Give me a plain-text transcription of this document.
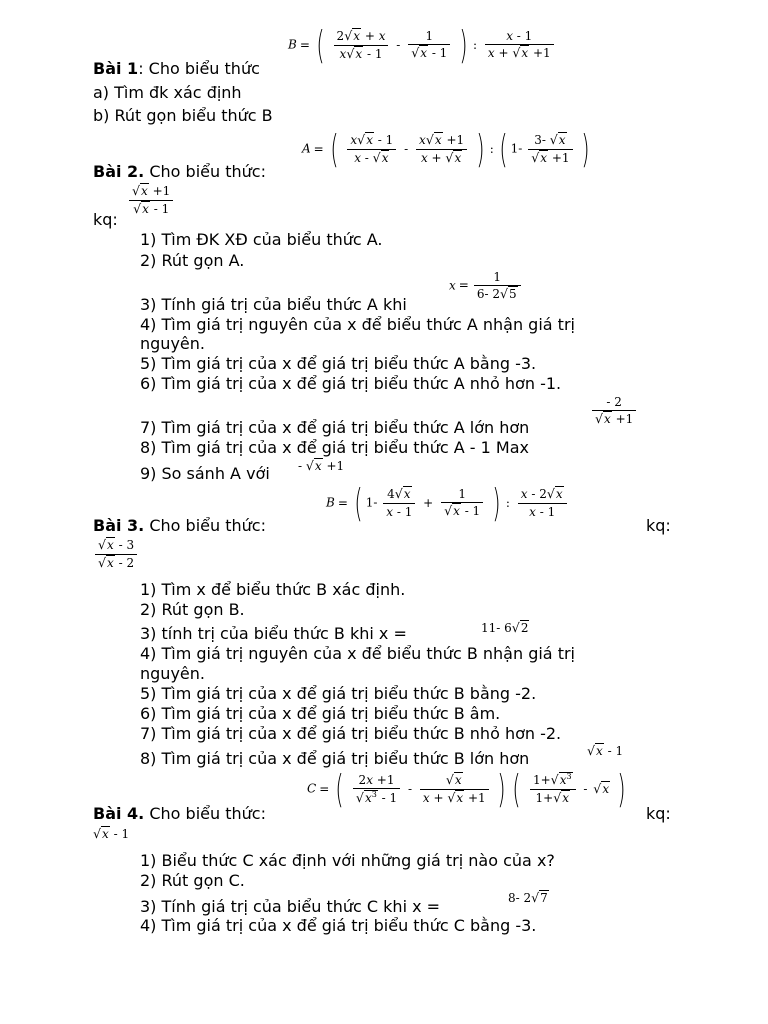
B = ( $\frac{2√x + x}{x√x - 1} - \frac{1}{√x - 1}$ ) : $\frac{x - 1}{x + √x +1}$
Bài 1: Cho biểu thức
a) Tìm đk xác định
b) Rút gọn biểu thức B
A = ( $\frac{x√x - 1}{x - √x} - \frac{x√x +1}{x + √x}$ ) : ( $1- \frac{3- √x}{√x +1}$ )
Bài 2. Cho biểu thức:
$\frac{√x +1}{√x - 1}$
kq:
1) Tìm ĐK XĐ của biểu thức A.
2) Rút gọn A.
$x = \frac{1}{6- 2√5}$
3) Tính giá trị của biểu thức A khi
4) Tìm giá trị nguyên của x để biểu thức A nhận giá trị
nguyên.
5) Tìm giá trị của x để giá trị biểu thức A bằng -3.
6) Tìm giá trị của x để giá trị biểu thức A nhỏ hơn -1.
$\frac{- 2}{√x +1}$
7) Tìm giá trị của x để giá trị biểu thức A lớn hơn
8) Tìm giá trị của x để giá trị biểu thức A - 1 Max
9) So sánh A với - √x +1
B = ( $1- \frac{4√x}{x - 1} + \frac{1}{√x - 1}$ ) : $\frac{x - 2√x}{x - 1}$
Bài 3. Cho biểu thức:	kq:
$\frac{√x - 3}{√x - 2}$
1) Tìm x để biểu thức B xác định.
2) Rút gọn B.
3) tính trị của biểu thức B khi x =	11- 6√2
4) Tìm giá trị nguyên của x để biểu thức B nhận giá trị
nguyên.
5) Tìm giá trị của x để giá trị biểu thức B bằng -2.
6) Tìm giá trị của x để giá trị biểu thức B âm.
7) Tìm giá trị của x để giá trị biểu thức B nhỏ hơn -2.
8) Tìm giá trị của x để giá trị biểu thức B lớn hơn	√x - 1
C = ( $\frac{2x +1}{√x^3 - 1} - \frac{√x}{x + √x +1}$ ) ( $\frac{1+√x^3}{1+√x} - √x$ )
Bài 4. Cho biểu thức:	kq:
√x - 1
1) Biểu thức C xác định với những giá trị nào của x?
2) Rút gọn C.
3) Tính giá trị của biểu thức C khi x =	8- 2√7
4) Tìm giá trị của x để giá trị biểu thức C bằng -3.
